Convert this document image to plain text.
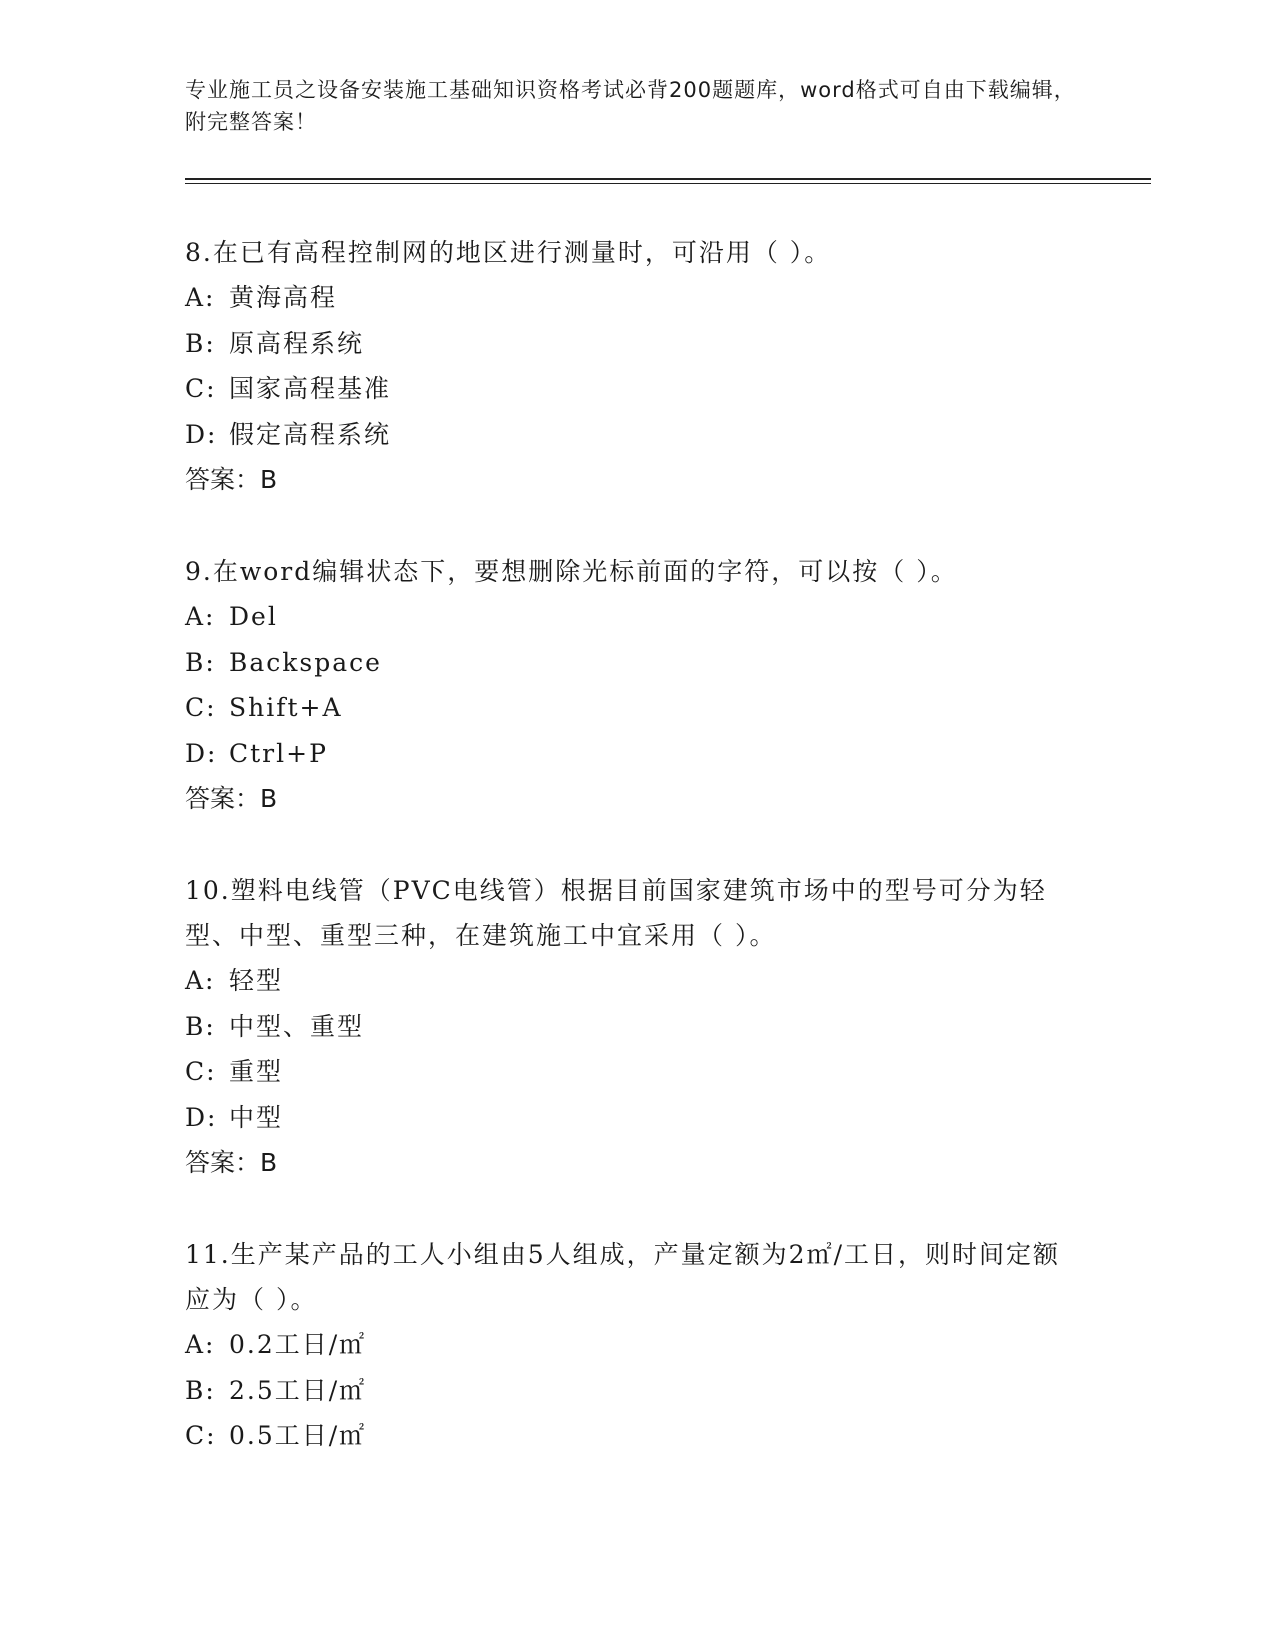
专业施工员之设备安装施工基础知识资格考试必背200题题库，word格式可自由下载编辑，附完整答案！
8.在已有高程控制网的地区进行测量时，可沿用（ ）。
A: 黄海高程
B: 原高程系统
C: 国家高程基准
D: 假定高程系统
答案：B
9.在word编辑状态下，要想删除光标前面的字符，可以按（ ）。
A: Del
B: Backspace
C: Shift+A
D: Ctrl+P
答案：B
10.塑料电线管（PVC电线管）根据目前国家建筑市场中的型号可分为轻型、中型、重型三种，在建筑施工中宜采用（ ）。
A: 轻型
B: 中型、重型
C: 重型
D: 中型
答案：B
11.生产某产品的工人小组由5人组成，产量定额为2㎡/工日，则时间定额应为（ ）。
A: 0.2工日/㎡
B: 2.5工日/㎡
C: 0.5工日/㎡
